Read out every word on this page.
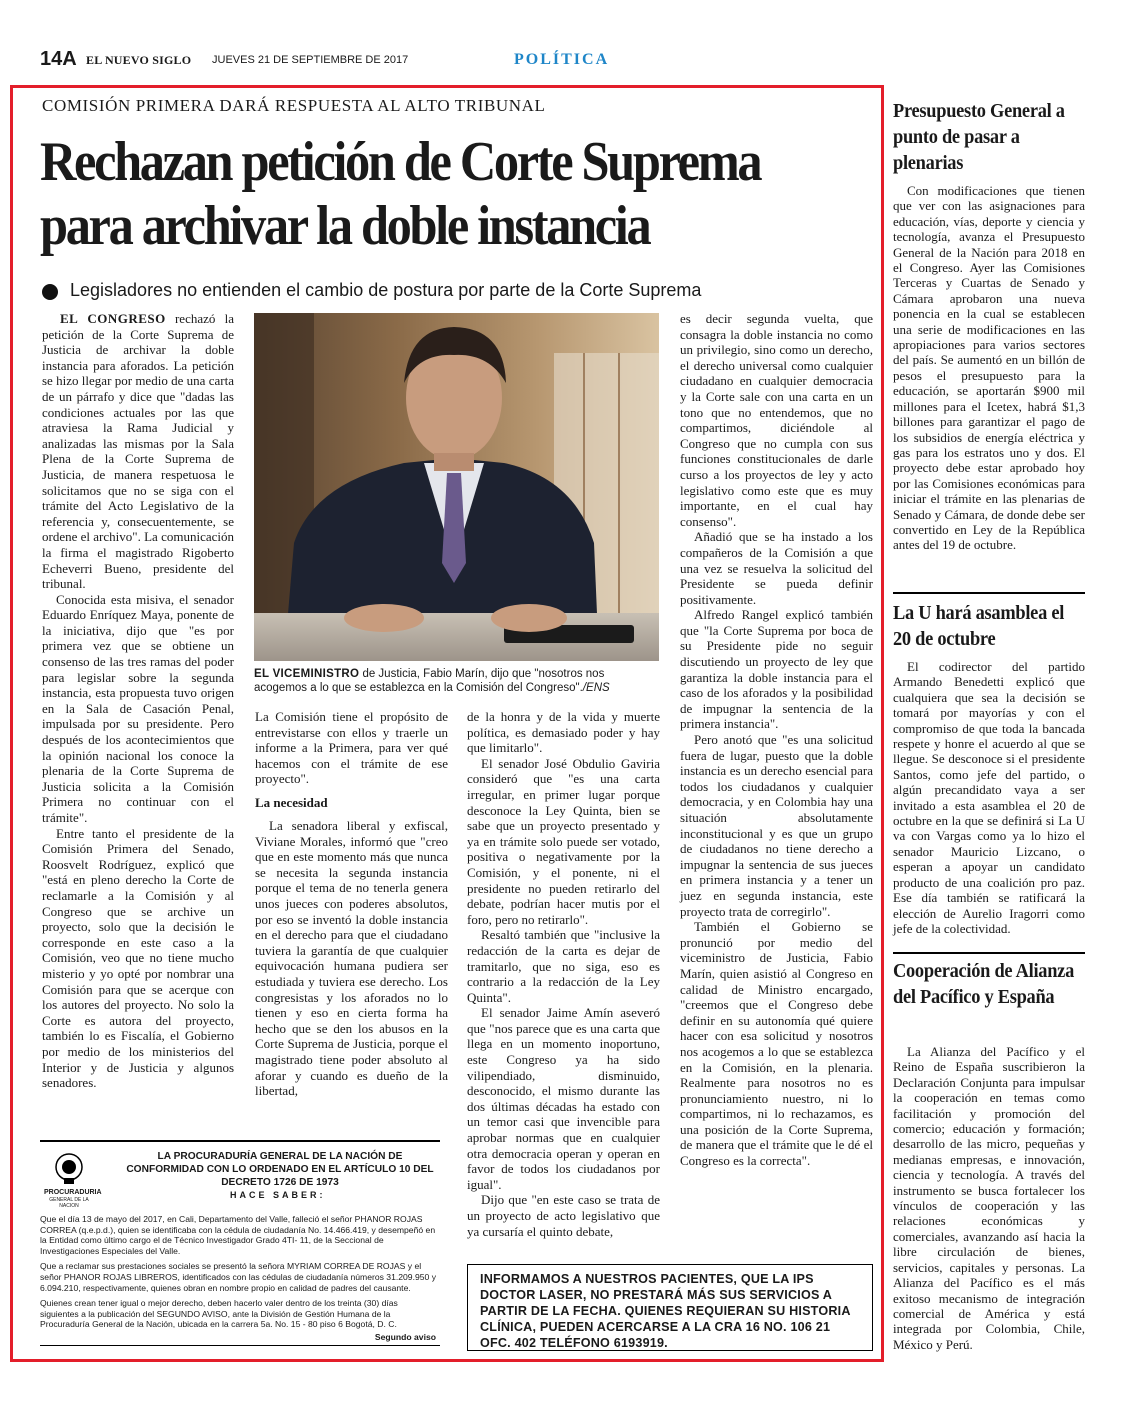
14A EL NUEVO SIGLO JUEVES 21 DE SEPTIEMBRE DE 2017	POLÍTICA
COMISIÓN PRIMERA DARÁ RESPUESTA AL ALTO TRIBUNAL
Rechazan petición de Corte Suprema
para archivar la doble instancia
Legisladores no entienden el cambio de postura por parte de la Corte Suprema

EL CONGRESO rechazó la petición de la Corte Suprema de Justicia de archivar la doble instancia para aforados. La petición se hizo llegar por medio de una carta de un párrafo y dice que "dadas las condiciones actuales por las que atraviesa la Rama Judicial y analizadas las mismas por la Sala Plena de la Corte Suprema de Justicia, de manera respetuosa le solicitamos que no se siga con el trámite del Acto Legislativo de la referencia y, consecuentemente, se ordene el archivo". La comunicación la firma el magistrado Rigoberto Echeverri Bueno, presidente del tribunal.

Conocida esta misiva, el senador Eduardo Enríquez Maya, ponente de la iniciativa, dijo que "es por primera vez que se obtiene un consenso de las tres ramas del poder para legislar sobre la segunda instancia, esta propuesta tuvo origen en la Sala de Casación Penal, impulsada por su presidente. Pero después de los acontecimientos que la opinión nacional los conoce la plenaria de la Corte Suprema de Justicia solicita a la Comisión Primera no continuar con el trámite".

Entre tanto el presidente de la Comisión Primera del Senado, Roosvelt Rodríguez, explicó que "está en pleno derecho la Corte de reclamarle a la Comisión y al Congreso que se archive un proyecto, solo que la decisión le corresponde en este caso a la Comisión, veo que no tiene mucho misterio y yo opté por nombrar una Comisión para que se acerque con los autores del proyecto. No solo la Corte es autora del proyecto, también lo es Fiscalía, el Gobierno por medio de los ministerios del Interior y de Justicia y algunos senadores.

EL VICEMINISTRO de Justicia, Fabio Marín, dijo que "nosotros nos acogemos a lo que se establezca en la Comisión del Congreso"./ENS

La Comisión tiene el propósito de entrevistarse con ellos y traerle un informe a la Primera, para ver qué hacemos con el trámite de ese proyecto".

La necesidad

La senadora liberal y exfiscal, Viviane Morales, informó que "creo que en este momento más que nunca se necesita la segunda instancia porque el tema de no tenerla genera unos jueces con poderes absolutos, por eso se inventó la doble instancia en el derecho para que el ciudadano tuviera la garantía de que cualquier equivocación humana pudiera ser estudiada y tuviera ese derecho. Los congresistas y los aforados no lo tienen y eso en cierta forma ha hecho que se den los abusos en la Corte Suprema de Justicia, porque el magistrado tiene poder absoluto al aforar y cuando es dueño de la libertad,

de la honra y de la vida y muerte política, es demasiado poder y hay que limitarlo".

El senador José Obdulio Gaviria consideró que "es una carta irregular, en primer lugar porque desconoce la Ley Quinta, bien se sabe que un proyecto presentado y ya en trámite solo puede ser votado, positiva o negativamente por la Comisión, y el ponente, ni el presidente no pueden retirarlo del debate, podrían hacer mutis por el foro, pero no retirarlo".

Resaltó también que "inclusive la redacción de la carta es dejar de tramitarlo, que no siga, eso es contrario a la redacción de la Ley Quinta".

El senador Jaime Amín aseveró que "nos parece que es una carta que llega en un momento inoportuno, este Congreso ya ha sido vilipendiado, disminuido, desconocido, el mismo durante las dos últimas décadas ha estado con un temor casi que invencible para aprobar normas que en cualquier otra democracia operan y operan en favor de todos los ciudadanos por igual".

Dijo que "en este caso se trata de un proyecto de acto legislativo que ya cursaría el quinto debate,

es decir segunda vuelta, que consagra la doble instancia no como un privilegio, sino como un derecho, el derecho universal como cualquier ciudadano en cualquier democracia y la Corte sale con una carta en un tono que no entendemos, que no compartimos, diciéndole al Congreso que no cumpla con sus funciones constitucionales de darle curso a los proyectos de ley y acto legislativo como este que es muy importante, en el cual hay consenso".

Añadió que se ha instado a los compañeros de la Comisión a que una vez se resuelva la solicitud del Presidente se pueda definir positivamente.

Alfredo Rangel explicó también que "la Corte Suprema por boca de su Presidente pide no seguir discutiendo un proyecto de ley que garantiza la doble instancia para el caso de los aforados y la posibilidad de impugnar la sentencia de la primera instancia".

Pero anotó que "es una solicitud fuera de lugar, puesto que la doble instancia es un derecho esencial para todos los ciudadanos y cualquier democracia, y en Colombia hay una situación absolutamente inconstitucional y es que un grupo de ciudadanos no tiene derecho a impugnar la sentencia de sus jueces en primera instancia y a tener un juez en segunda instancia, este proyecto trata de corregirlo".

También el Gobierno se pronunció por medio del viceministro de Justicia, Fabio Marín, quien asistió al Congreso en calidad de Ministro encargado, "creemos que el Congreso debe definir en su autonomía qué quiere hacer con esa solicitud y nosotros nos acogemos a lo que se establezca en la Comisión, en la plenaria. Realmente para nosotros no es pronunciamiento nuestro, ni lo compartimos, ni lo rechazamos, es una posición de la Corte Suprema, de manera que el trámite que le dé el Congreso es la correcta".

PROCURADURIA
GENERAL DE LA NACION
LA PROCURADURÍA GENERAL DE LA NACIÓN DE CONFORMIDAD CON LO ORDENADO EN EL ARTÍCULO 10 DEL DECRETO 1726 DE 1973
HACE SABER:

Que el día 13 de mayo del 2017, en Cali, Departamento del Valle, falleció el señor PHANOR ROJAS CORREA (q.e.p.d.), quien se identificaba con la cédula de ciudadanía No. 14.466.419, y desempeñó en la Entidad como último cargo el de Técnico Investigador Grado 4TI- 11, de la Seccional de Investigaciones Especiales del Valle.

Que a reclamar sus prestaciones sociales se presentó la señora MYRIAM CORREA DE ROJAS y el señor PHANOR ROJAS LIBREROS, identificados con las cédulas de ciudadanía números 31.209.950 y 6.094.210, respectivamente, quienes obran en nombre propio en calidad de padres del causante.

Quienes crean tener igual o mejor derecho, deben hacerlo valer dentro de los treinta (30) días siguientes a la publicación del SEGUNDO AVISO, ante la División de Gestión Humana de la Procuraduría General de la Nación, ubicada en la carrera 5a. No. 15 - 80 piso 6 Bogotá, D. C.

Segundo aviso
INFORMAMOS A NUESTROS PACIENTES, QUE LA IPS DOCTOR LASER, NO PRESTARÁ MÁS SUS SERVICIOS A PARTIR DE LA FECHA. QUIENES REQUIERAN SU HISTORIA CLÍNICA, PUEDEN ACERCARSE A LA CRA 16 NO. 106 21 OFC. 402 TELÉFONO 6193919.
Presupuesto General a punto de pasar a plenarias

Con modificaciones que tienen que ver con las asignaciones para educación, vías, deporte y ciencia y tecnología, avanza el Presupuesto General de la Nación para 2018 en el Congreso. Ayer las Comisiones Terceras y Cuartas de Senado y Cámara aprobaron una nueva ponencia en la cual se establecen una serie de modificaciones en las apropiaciones para varios sectores del país. Se aumentó en un billón de pesos el presupuesto para la educación, se aportarán $900 mil millones para el Icetex, habrá $1,3 billones para garantizar el pago de los subsidios de energía eléctrica y gas para los estratos uno y dos. El proyecto debe estar aprobado hoy por las Comisiones económicas para iniciar el trámite en las plenarias de Senado y Cámara, de donde debe ser convertido en Ley de la República antes del 19 de octubre.

La U hará asamblea el 20 de octubre

El codirector del partido Armando Benedetti explicó que cualquiera que sea la decisión se tomará por mayorías y con el compromiso de que toda la bancada respete y honre el acuerdo al que se llegue. Se desconoce si el presidente Santos, como jefe del partido, o algún precandidato vaya a ser invitado a esta asamblea el 20 de octubre en la que se definirá si La U va con Vargas como ya lo hizo el senador Mauricio Lizcano, o esperan a apoyar un candidato producto de una coalición pro paz. Ese día también se ratificará la elección de Aurelio Iragorri como jefe de la colectividad.

Cooperación de Alianza del Pacífico y España

La Alianza del Pacífico y el Reino de España suscribieron la Declaración Conjunta para impulsar la cooperación en temas como facilitación y promoción del comercio; educación y formación; desarrollo de las micro, pequeñas y medianas empresas, e innovación, ciencia y tecnología. A través del instrumento se busca fortalecer los vínculos de cooperación y las relaciones económicas y comerciales, avanzando así hacia la libre circulación de bienes, servicios, capitales y personas. La Alianza del Pacífico es el más exitoso mecanismo de integración comercial de América y está integrada por Colombia, Chile, México y Perú.
